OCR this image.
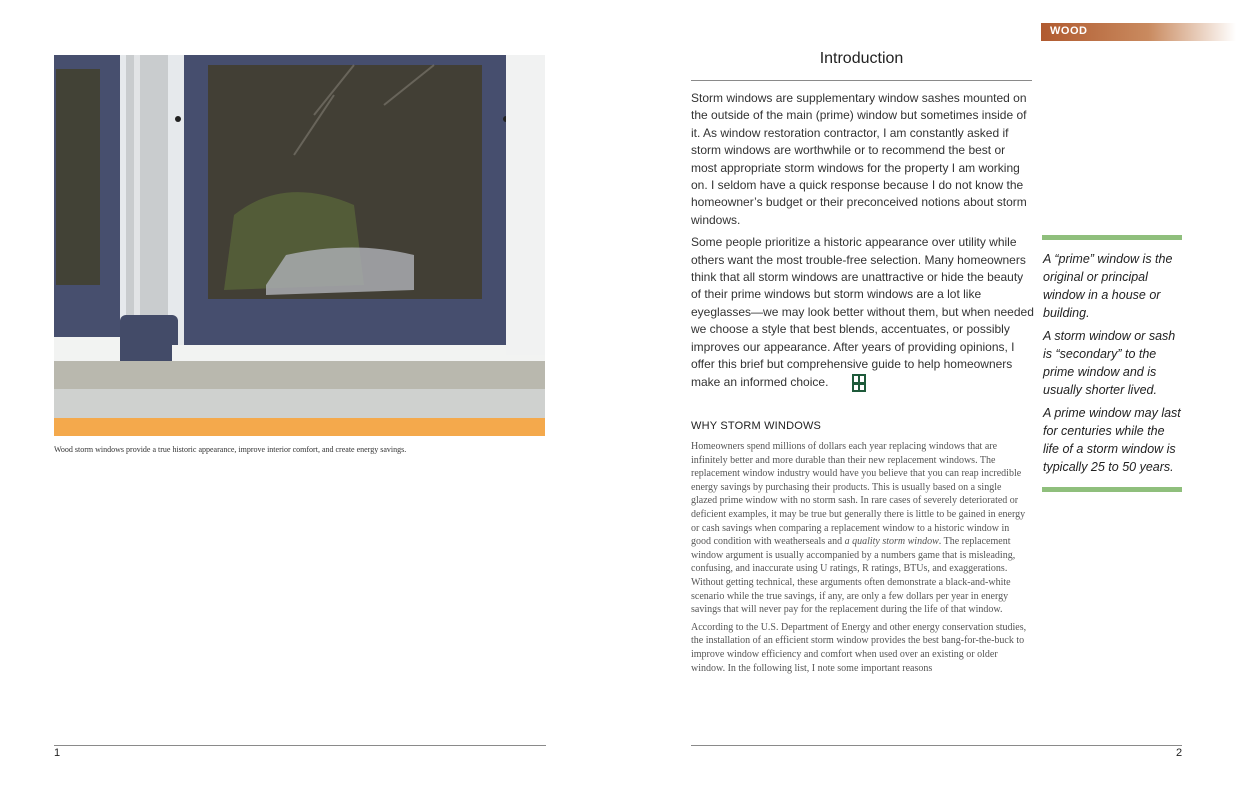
Wood storm windows provide a true historic appearance, improve interior comfort, and create energy savings.
1
WOOD
Introduction

Storm windows are supplementary window sashes mounted on the outside of the main (prime) window but sometimes inside of it. As window restoration contractor, I am constantly asked if storm windows are worthwhile or to recommend the best or most appropriate storm windows for the property I am working on. I seldom have a quick response because I do not know the homeowner’s budget or their preconceived notions about storm windows.

Some people prioritize a historic appearance over utility while others want the most trouble-free selection. Many homeowners think that all storm windows are unattractive or hide the beauty of their prime windows but storm windows are a lot like eyeglasses—we may look better without them, but when needed we choose a style that best blends, accentuates, or possibly improves our appearance. After years of providing opinions, I offer this brief but comprehensive guide to help homeowners make an informed choice.

WHY STORM WINDOWS

Homeowners spend millions of dollars each year replacing windows that are infinitely better and more durable than their new replacement windows. The replacement window industry would have you believe that you can reap incredible energy savings by purchasing their products. This is usually based on a single glazed prime window with no storm sash. In rare cases of severely deteriorated or deficient examples, it may be true but generally there is little to be gained in energy or cash savings when comparing a replacement window to a historic window in good condition with weatherseals and a quality storm window. The replacement window argument is usually accompanied by a numbers game that is misleading, confusing, and inaccurate using U ratings, R ratings, BTUs, and exaggerations. Without getting technical, these arguments often demonstrate a black-and-white scenario while the true savings, if any, are only a few dollars per year in energy savings that will never pay for the replacement during the life of that window.

According to the U.S. Department of Energy and other energy conservation studies, the installation of an efficient storm window provides the best bang-for-the-buck to improve window efficiency and comfort when used over an existing or older window. In the following list, I note some important reasons

A “prime” window is the original or principal window in a house or building.

A storm window or sash is “secondary” to the prime window and is usually shorter lived.

A prime window may last for centuries while the life of a storm window is typically 25 to 50 years.

2
